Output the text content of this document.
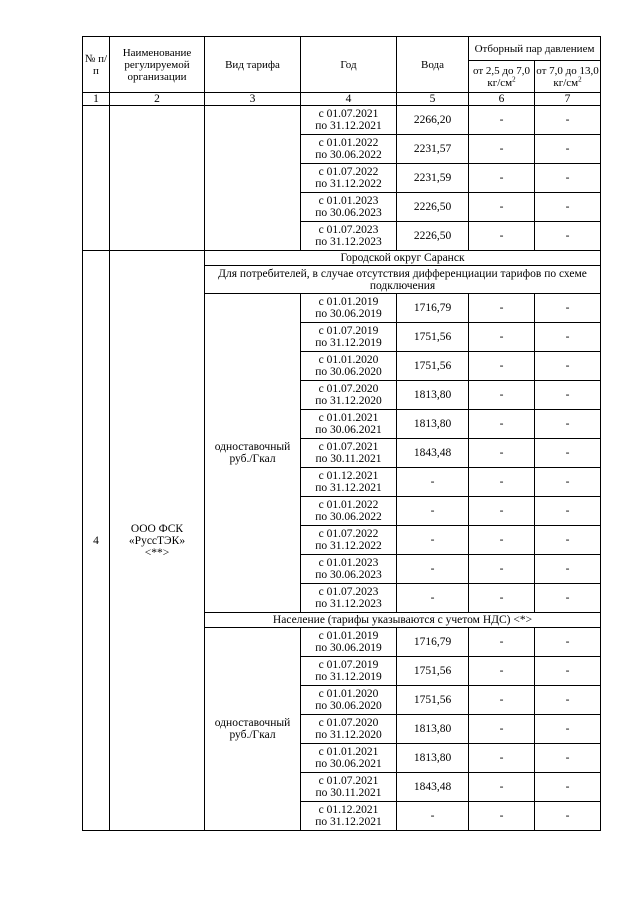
№ п/п	Наименование регулируемой организации	Вид тарифа	Год	Вода	Отборный пар давлением	
					от 2,5 до 7,0 $кг/см^2$	от 7,0 до 13,0 $кг/см^2$
1	2	3	4	5	6	7

			с 01.07.2021
по 31.12.2021	2266,20	-	-

			с 01.01.2022
по 30.06.2022	2231,57	-	-

			с 01.07.2022
по 31.12.2022	2231,59	-	-

			с 01.01.2023
по 30.06.2023	2226,50	-	-

			с 01.07.2023
по 31.12.2023	2226,50	-	-
4	ООО ФСК «РуссТЭК» <**>	Городской округ Саранск				
		Для потребителей, в случае отсутствия дифференциации тарифов по схеме подключения				
		одноставочный руб./Гкал	с 01.01.2019
по 30.06.2019	1716,79	-	-

			с 01.07.2019
по 31.12.2019	1751,56	-	-

			с 01.01.2020
по 30.06.2020	1751,56	-	-

			с 01.07.2020
по 31.12.2020	1813,80	-	-

			с 01.01.2021
по 30.06.2021	1813,80	-	-

			с 01.07.2021
по 30.11.2021	1843,48	-	-

			с 01.12.2021
по 31.12.2021	-	-	-

			с 01.01.2022
по 30.06.2022	-	-	-

			с 01.07.2022
по 31.12.2022	-	-	-

			с 01.01.2023
по 30.06.2023	-	-	-

			с 01.07.2023
по 31.12.2023	-	-	-
		Население (тарифы указываются с учетом НДС) <*>				
		одноставочный руб./Гкал	с 01.01.2019
по 30.06.2019	1716,79	-	-

			с 01.07.2019
по 31.12.2019	1751,56	-	-

			с 01.01.2020
по 30.06.2020	1751,56	-	-

			с 01.07.2020
по 31.12.2020	1813,80	-	-

			с 01.01.2021
по 30.06.2021	1813,80	-	-

			с 01.07.2021
по 30.11.2021	1843,48	-	-

			с 01.12.2021
по 31.12.2021	-	-	-
